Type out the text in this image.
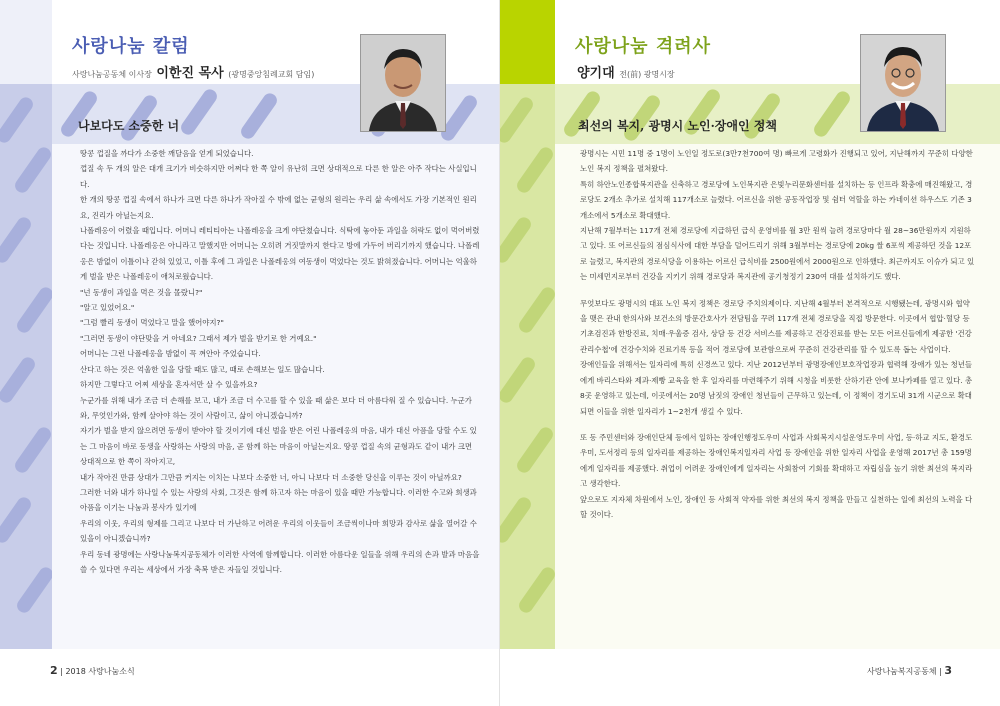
사랑나눔 칼럼
사랑나눔공동체 이사장 이한진 목사 (광명중앙침례교회 담임)
나보다도 소중한 너

땅콩 껍질을 까다가 소중한 깨달음을 얻게 되었습니다.

껍질 속 두 개의 알은 대개 크기가 비슷하지만 어쩌다 한 쪽 알이 유난히 크면 상대적으로 다른 한 알은 아주 작다는 사실입니다.

한 개의 땅콩 껍질 속에서 하나가 크면 다른 하나가 작아질 수 밖에 없는 균형의 원리는 우리 삶 속에서도 가장 기본적인 원리요, 진리가 아닐는지요.

나폴레옹이 어렸을 때입니다. 어머니 레티티아는 나폴레옹을 크게 야단쳤습니다. 식탁에 놓아둔 과일을 허락도 없이 먹어버렸다는 것입니다. 나폴레옹은 아니라고 말했지만 어머니는 오히려 거짓말까지 한다고 방에 가두어 버리기까지 했습니다. 나폴레옹은 밤없이 이틀이나 갇혀 있었고, 이틀 후에 그 과일은 나폴레옹의 여동생이 먹었다는 것도 밝혀졌습니다. 어머니는 억울하게 벌을 받은 나폴레옹이 애처로웠습니다.

"넌 동생이 과일을 먹은 것을 몰랐니?"

"알고 있었어요."

"그럼 빨리 동생이 먹었다고 말을 했어야지?"

"그러면 동생이 야단맞을 거 아네요? 그래서 제가 벌을 받기로 한 거예요."

어머니는 그런 나폴레옹을 밤없이 꼭 껴안아 주었습니다.

산다고 하는 것은 억울한 일을 당할 때도 많고, 때로 손해보는 일도 많습니다.

하지만 그렇다고 어찌 세상을 혼자서만 살 수 있을까요?

누군가를 위해 내가 조금 더 손해를 보고, 내가 조금 더 수고를 할 수 있을 때 삶은 보다 더 아름다워 질 수 있습니다. 누군가와, 무엇인가와, 함께 살아야 하는 것이 사람이고, 삶이 아니겠습니까?

자기가 벌을 받지 않으려면 동생이 받아야 할 것이기에 대신 벌을 받은 어린 나폴레옹의 마음, 내가 대신 아픔을 당할 수도 있는 그 마음이 바로 동생을 사랑하는 사랑의 마음, 곧 함께 하는 마음이 아닐는지요. 땅콩 껍질 속의 균형과도 같이 내가 크면 상대적으로 한 쪽이 작아지고,

내가 작아진 만큼 상대가 그만큼 커지는 이치는 나보다 소중한 너, 아니 나보다 더 소중한 당신을 이루는 것이 아닐까요?

그러한 너와 내가 하나일 수 있는 사랑의 사회, 그것은 함께 하고자 하는 마음이 있을 때만 가능합니다. 이러한 수고와 희생과 아픔을 이기는 나눔과 봉사가 있기에

우리의 이웃, 우리의 형제를 그리고 나보다 더 가난하고 어려운 우리의 이웃들이 조금씩이나마 희망과 감사로 삶을 열어갈 수 있을이 아니겠습니까?

우리 동네 광명에는 사랑나눔복지공동체가 이러한 사역에 함께합니다. 이러한 아름다운 일들을 위해 우리의 손과 발과 마음을 쓸 수 있다면 우리는 세상에서 가장 축복 받은 자들일 것입니다.

2 | 2018 사랑나눔소식
사랑나눔 격려사
양기대 전(前) 광명시장
최선의 복지, 광명시 노인·장애인 정책

광명시는 시민 11명 중 1명이 노인일 정도로(3만7천700여 명) 빠르게 고령화가 진행되고 있어, 지난해까지 꾸준히 다양한 노인 복지 정책을 펼쳐왔다.

특히 하안노인종합복지관을 신축하고 경로당에 노인복지관 은빛누리문화센터를 설치하는 등 인프라 확충에 매진해왔고, 경로당도 2개소 추가로 설치해 117개소로 늘렸다. 어르신을 위한 공동작업장 및 쉼터 역할을 하는 카네이션 하우스도 기존 3개소에서 5개소로 확대했다.

지난해 7월부터는 117개 전체 경로당에 지급하던 급식 운영비를 월 3만 원씩 늘려 경로당마다 월 28~36만원까지 지원하고 있다. 또 어르신들의 점심식사에 대한 부담을 덜어드리기 위해 3월부터는 경로당에 20kg 쌀 6포씩 제공하던 것을 12포로 늘렸고, 복지관의 경로식당을 이용하는 어르신 급식비를 2500원에서 2000원으로 인하했다. 최근까지도 이슈가 되고 있는 미세먼지로부터 건강을 지키기 위해 경로당과 복지관에 공기청정기 230여 대를 설치하기도 했다.

무엇보다도 광명시의 대표 노인 복지 정책은 경로당 주치의제이다. 지난해 4월부터 본격적으로 시행됐는데, 광명시와 협약을 맺은 관내 한의사와 보건소의 방문간호사가 전담팀을 꾸려 117개 전체 경로당을 직접 방문한다. 이곳에서 협압·혈당 등 기초검진과 한방진료, 치매·우울증 검사, 상담 등 건강 서비스를 제공하고 건강진료를 받는 모든 어르신들에게 제공한 '건강관리수첩'에 건강수치와 진료기록 등을 적어 경로당에 보관함으로써 꾸준히 건강관리를 할 수 있도록 돕는 사업이다.

장애인들을 위해서는 일자리에 특히 신경쓰고 있다. 지난 2012년부터 광명장애인보호작업장과 협력해 장애가 있는 청년들에게 바리스타와 제과·제빵 교육을 한 후 일자리를 마련해주기 위해 시청을 비롯한 산하기관 안에 보나카페를 열고 있다. 총 8곳 운영하고 있는데, 이곳에서는 20명 남짓의 장애인 청년들이 근무하고 있는데, 이 정책이 경기도내 31개 시군으로 확대되면 이들을 위한 일자리가 1~2천개 생길 수 있다.

또 동 주민센터와 장애인단체 등에서 일하는 장애인행정도우미 사업과 사회복지시설운영도우미 사업, 등·하교 지도, 환경도우미, 도서정리 등의 일자리를 제공하는 장애인복지일자리 사업 등 장애인을 위한 일자리 사업을 운영해 2017년 총 159명에게 일자리를 제공했다. 취업이 어려운 장애인에게 일자리는 사회참여 기회를 확대하고 자립심을 높기 위한 최선의 복지라고 생각한다.

앞으로도 지자체 차원에서 노인, 장애인 등 사회적 약자를 위한 최선의 복지 정책을 만들고 실천하는 일에 최선의 노력을 다할 것이다.

사랑나눔복지공동체 | 3
